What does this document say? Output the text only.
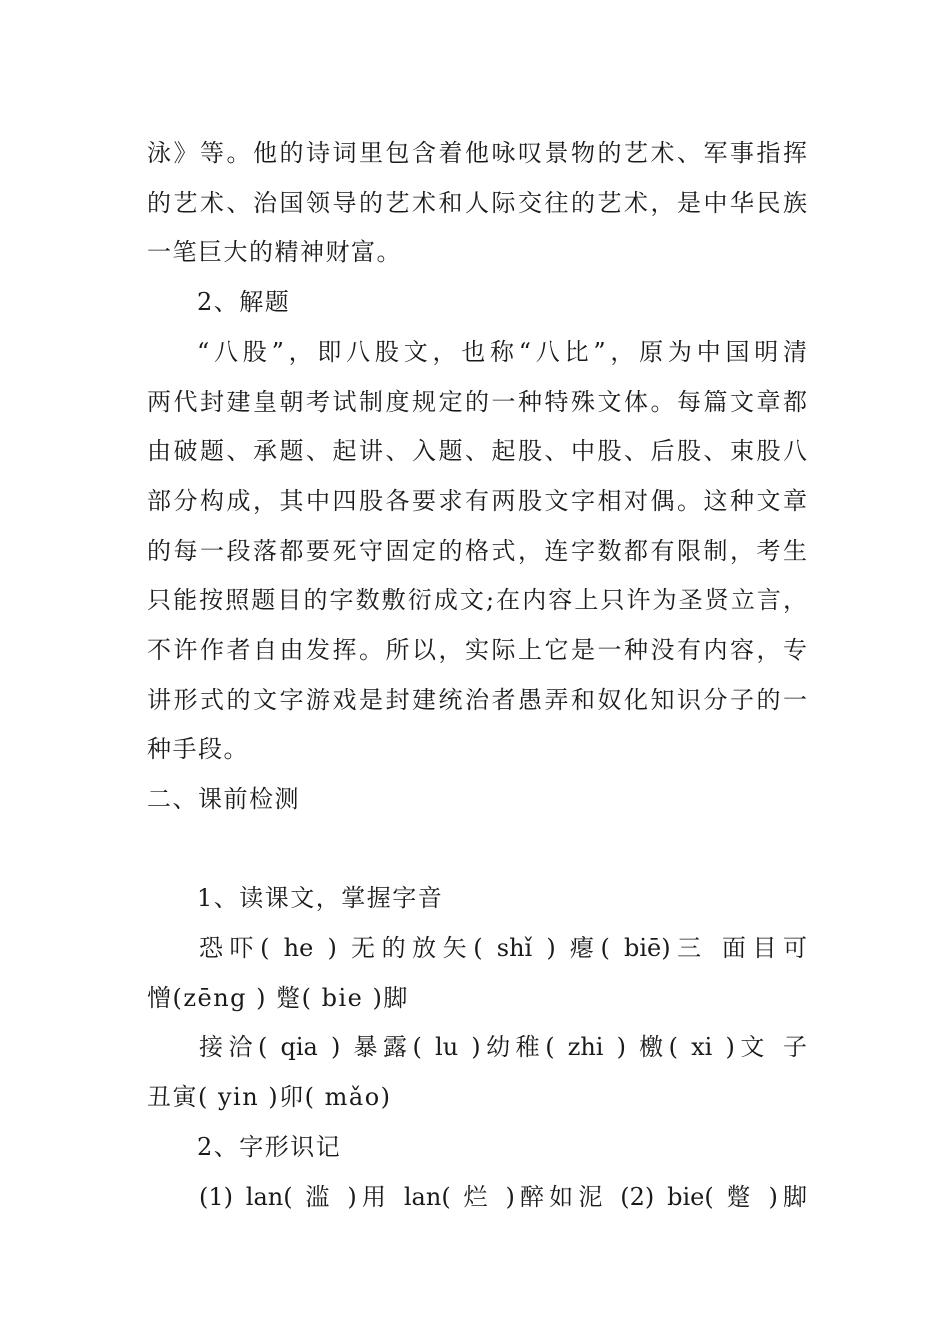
泳》等。他的诗词里包含着他咏叹景物的艺术、军事指挥
的艺术、治国领导的艺术和人际交往的艺术，是中华民族
一笔巨大的精神财富。
2、解题
“八股”，即八股文，也称“八比”，原为中国明清
两代封建皇朝考试制度规定的一种特殊文体。每篇文章都
由破题、承题、起讲、入题、起股、中股、后股、束股八
部分构成，其中四股各要求有两股文字相对偶。这种文章
的每一段落都要死守固定的格式，连字数都有限制，考生
只能按照题目的字数敷衍成文;在内容上只许为圣贤立言，
不许作者自由发挥。所以，实际上它是一种没有内容，专
讲形式的文字游戏是封建统治者愚弄和奴化知识分子的一
种手段。
二、课前检测
1、读课文，掌握字音
恐吓( he ) 无的放矢( shǐ ) 瘪( biē)三 面目可
憎(zēng ) 蹩( bie )脚
接洽( qia ) 暴露( lu )幼稚( zhi ) 檄( xi )文 子
丑寅( yin )卯( mǎo)
2、字形识记
(1) lan( 滥 )用 lan( 烂 )醉如泥 (2) bie( 蹩 )脚
